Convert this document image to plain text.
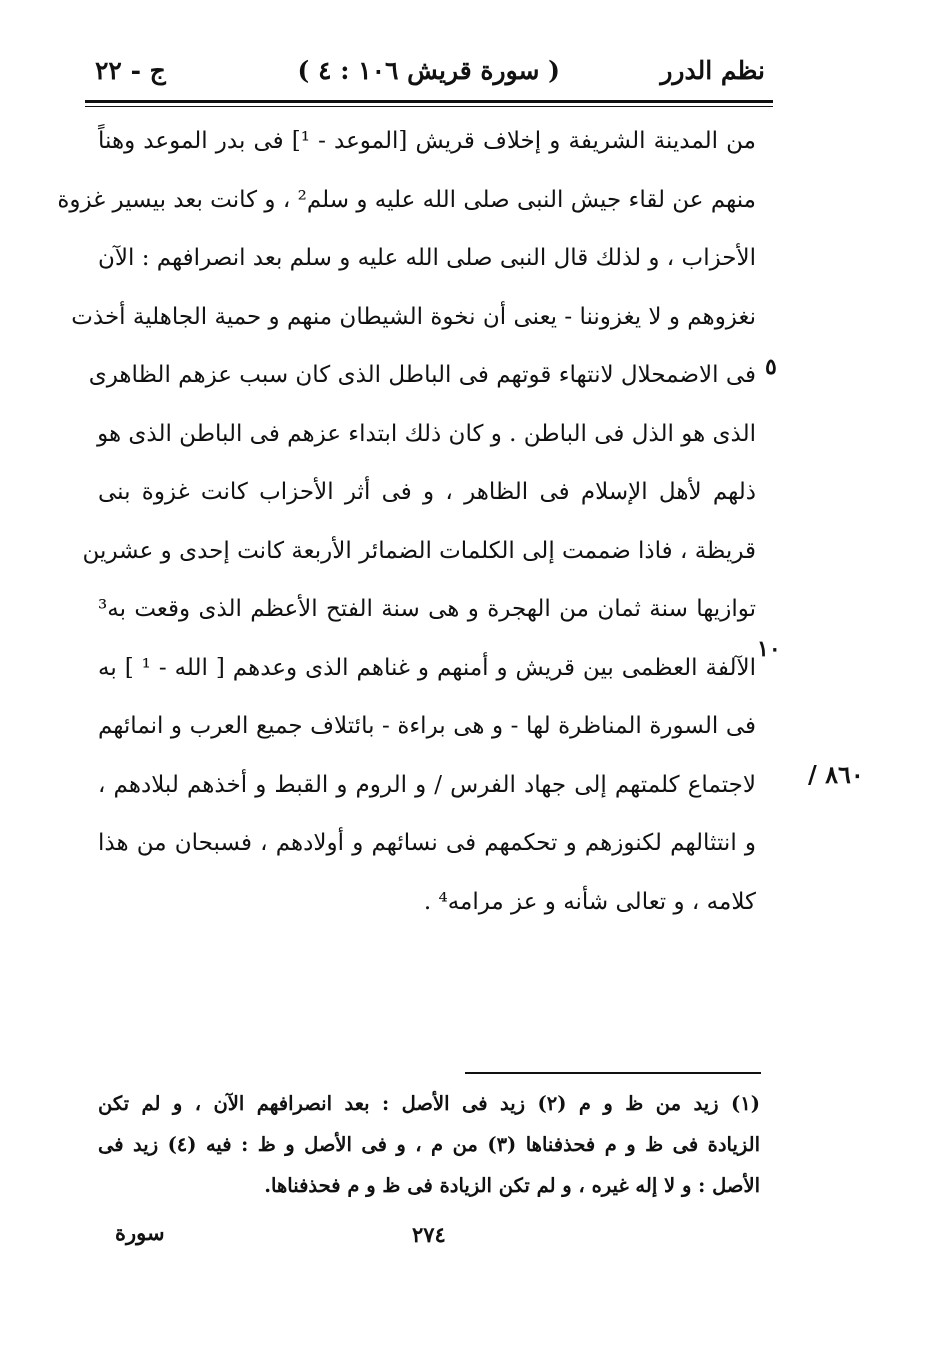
نظم الدرر
( سورة قريش ١٠٦ : ٤ )
ج - ٢٢
من المدينة الشريفة و إخلاف قريش [الموعد - ¹] فى بدر الموعد وهناً
منهم عن لقاء جيش النبى صلى الله عليه و سلم² ، و كانت بعد بيسير غزوة
الأحزاب ، و لذلك قال النبى صلى الله عليه و سلم بعد انصرافهم : الآن
نغزوهم و لا يغزوننا - يعنى أن نخوة الشيطان منهم و حمية الجاهلية أخذت
فى الاضمحلال لانتهاء قوتهم فى الباطل الذى كان سبب عزهم الظاهرى
الذى هو الذل فى الباطن . و كان ذلك ابتداء عزهم فى الباطن الذى هو
ذلهم لأهل الإسلام فى الظاهر ، و فى أثر الأحزاب كانت غزوة بنى
قريظة ، فاذا ضممت إلى الكلمات الضمائر الأربعة كانت إحدى و عشرين
توازيها سنة ثمان من الهجرة و هى سنة الفتح الأعظم الذى وقعت به³
الآلفة العظمى بين قريش و أمنهم و غناهم الذى وعدهم [ الله - ¹ ] به
فى السورة المناظرة لها - و هى براءة - بائتلاف جميع العرب و انمائهم
لاجتماع كلمتهم إلى جهاد الفرس / و الروم و القبط و أخذهم لبلادهم ،
و انتثالهم لكنوزهم و تحكمهم فى نسائهم و أولادهم ، فسبحان من هذا
كلامه ، و تعالى شأنه و عز مرامه⁴ .
٥
١٠
٨٦٠ /
(١) زيد من ظ و م (٢) زيد فى الأصل : بعد انصرافهم الآن ، و لم تكن
الزيادة فى ظ و م فحذفناها (٣) من م ، و فى الأصل و ظ : فيه (٤) زيد فى
الأصل : و لا إله غيره ، و لم تكن الزيادة فى ظ و م فحذفناها.
سورة	٢٧٤
